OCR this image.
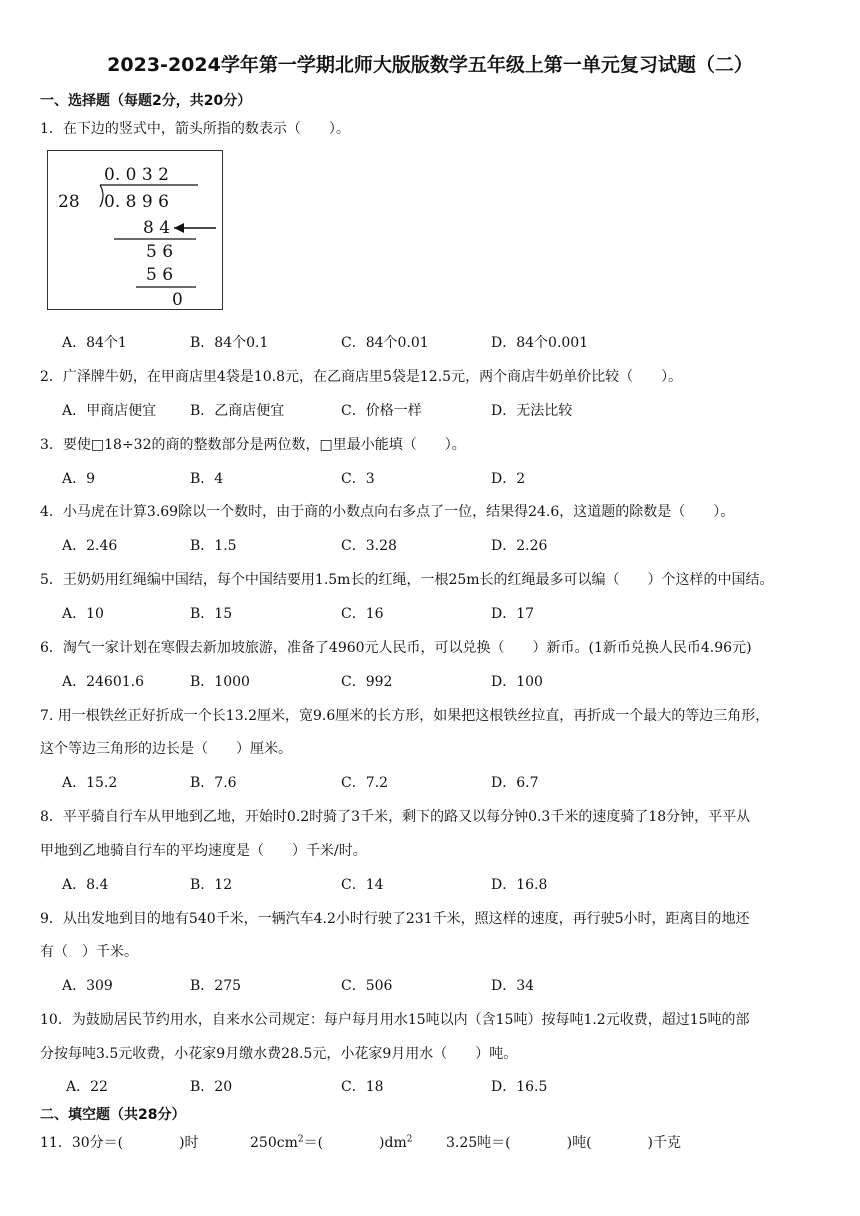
2023-2024学年第一学期北师大版版数学五年级上第一单元复习试题（二）
一、选择题（每题2分，共20分）
1．在下边的竖式中，箭头所指的数表示（　　）。
0. 0 3 2
28 0. 8 9 6
8 4
5 6
5 6
0
A．84个1	B．84个0.1	C．84个0.01	D．84个0.001
2．广泽牌牛奶，在甲商店里4袋是10.8元，在乙商店里5袋是12.5元，两个商店牛奶单价比较（　　）。
A．甲商店便宜 B．乙商店便宜	C．价格一样	D．无法比较
3．要使□18÷32的商的整数部分是两位数，□里最小能填（　　）。
A．9	B．4	C．3	D．2
4．小马虎在计算3.69除以一个数时，由于商的小数点向右多点了一位，结果得24.6，这道题的除数是（　　）。
A．2.46	B．1.5	C．3.28	D．2.26
5．王奶奶用红绳编中国结，每个中国结要用1.5m长的红绳，一根25m长的红绳最多可以编（　　）个这样的中国结。
A．10	B．15	C．16	D．17
6．淘气一家计划在寒假去新加坡旅游，准备了4960元人民币，可以兑换（　　）新币。(1新币兑换人民币4.96元)
A．24601.6	B．1000	C．992	D．100
7. 用一根铁丝正好折成一个长13.2厘米，宽9.6厘米的长方形，如果把这根铁丝拉直，再折成一个最大的等边三角形，
这个等边三角形的边长是（　　）厘米。
A．15.2	B．7.6	C．7.2	D．6.7
8．平平骑自行车从甲地到乙地，开始时0.2时骑了3千米，剩下的路又以每分钟0.3千米的速度骑了18分钟，平平从
甲地到乙地骑自行车的平均速度是（　　）千米/时。
A．8.4	B．12	C．14	D．16.8
9．从出发地到目的地有540千米，一辆汽车4.2小时行驶了231千米，照这样的速度，再行驶5小时，距离目的地还
有（　）千米。
A．309	B．275	C．506	D．34
10．为鼓励居民节约用水，自来水公司规定：每户每月用水15吨以内（含15吨）按每吨1.2元收费，超过15吨的部
分按每吨3.5元收费，小花家9月缴水费28.5元，小花家9月用水（　　）吨。
A．22	B．20	C．18	D．16.5
二、填空题（共28分）
11．30分＝(　　　　)时	$250cm^2=$(　　　　)$dm^2$ 3.25吨＝(　　　　)吨(　　　　)千克
